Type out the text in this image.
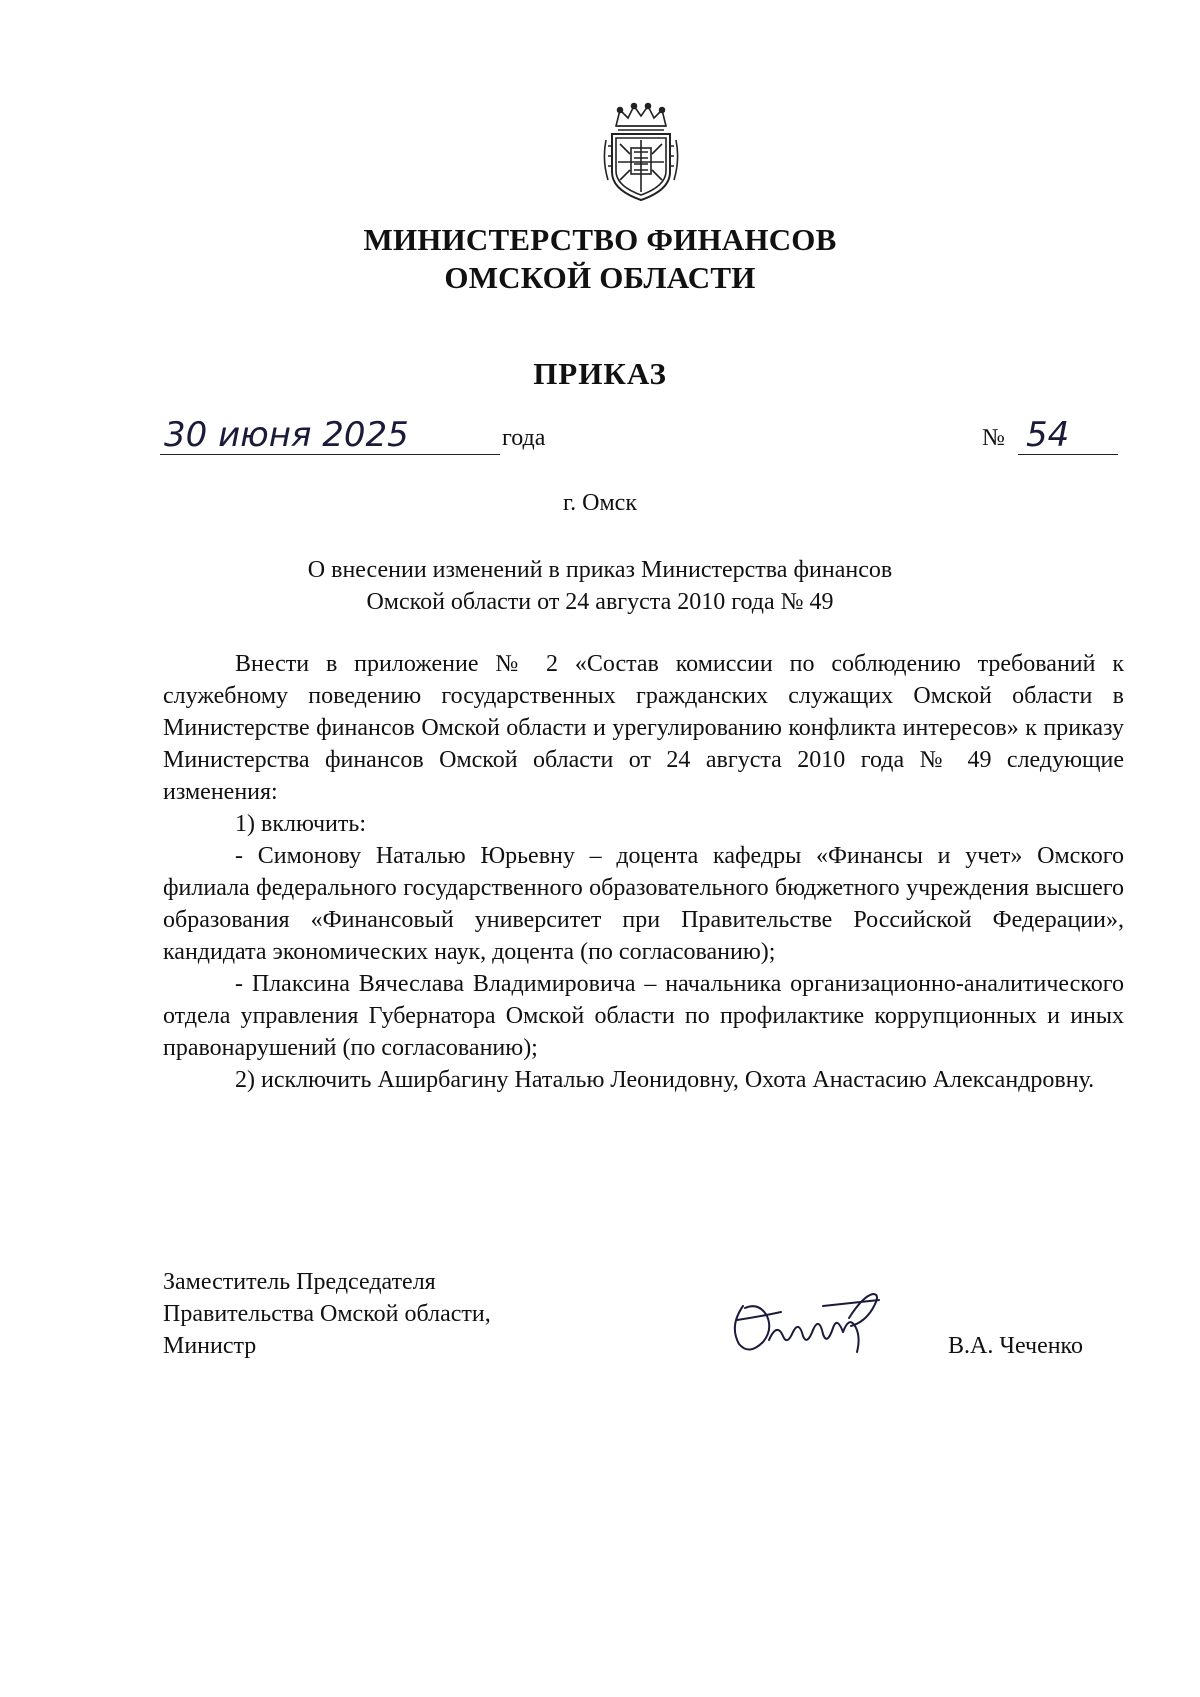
МИНИСТЕРСТВО ФИНАНСОВ
ОМСКОЙ ОБЛАСТИ
ПРИКАЗ
30 июня 2025	года	№ 54
г. Омск
О внесении изменений в приказ Министерства финансов
Омской области от 24 августа 2010 года № 49

Внести в приложение № 2 «Состав комиссии по соблюдению требований к служебному поведению государственных гражданских служащих Омской области в Министерстве финансов Омской области и урегулированию конфликта интересов» к приказу Министерства финансов Омской области от 24 августа 2010 года № 49 следующие изменения:

1) включить:

- Симонову Наталью Юрьевну – доцента кафедры «Финансы и учет» Омского филиала федерального государственного образовательного бюджетного учреждения высшего образования «Финансовый университет при Правительстве Российской Федерации», кандидата экономических наук, доцента (по согласованию);

- Плаксина Вячеслава Владимировича – начальника организационно-аналитического отдела управления Губернатора Омской области по профилактике коррупционных и иных правонарушений (по согласованию);

2) исключить Аширбагину Наталью Леонидовну, Охота Анастасию Александровну.

Заместитель Председателя
Правительства Омской области,
Министр	В.А. Чеченко
